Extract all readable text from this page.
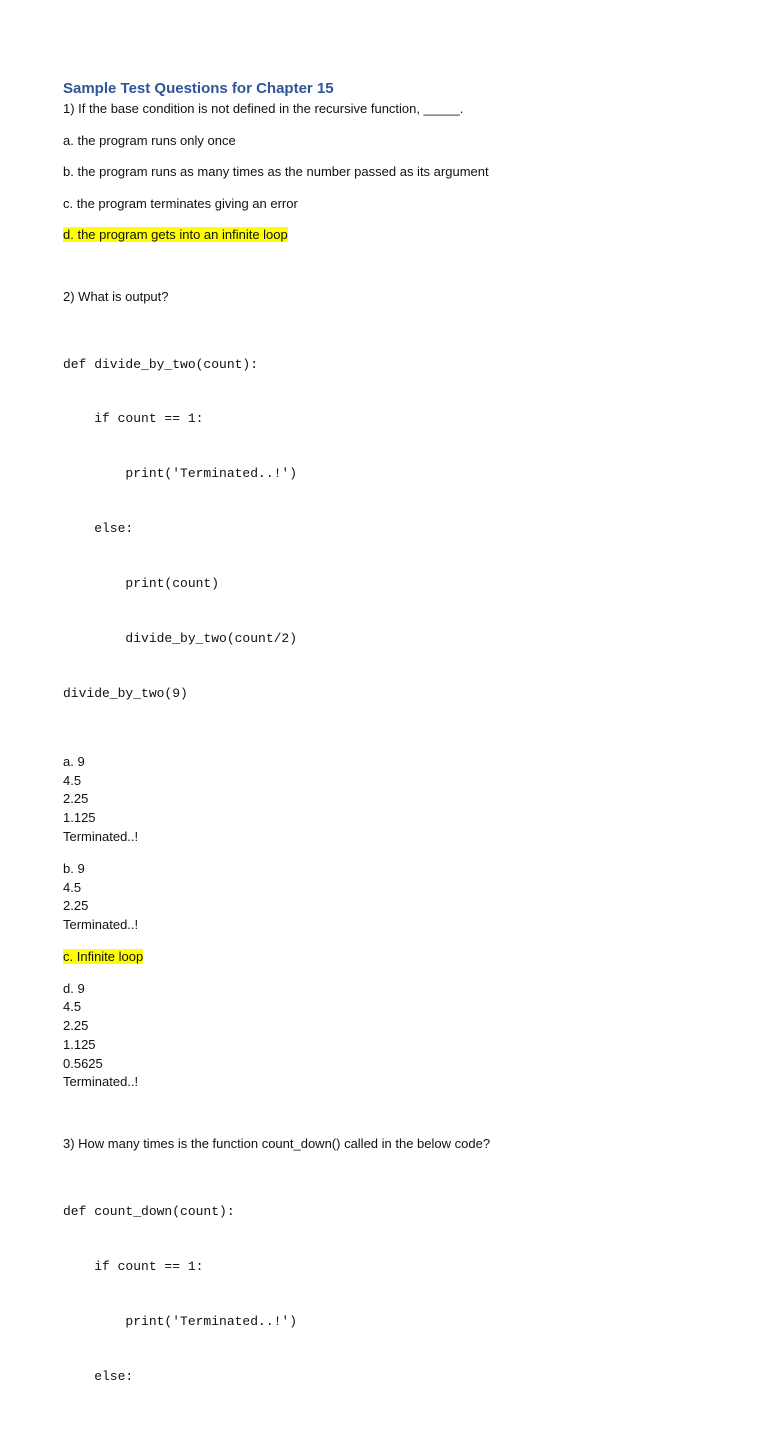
Sample Test Questions for Chapter 15
1) If the base condition is not defined in the recursive function, _____.
a. the program runs only once
b. the program runs as many times as the number passed as its argument
c. the program terminates giving an error
d. the program gets into an infinite loop
2) What is output?

def divide_by_two(count):

if count == 1:

print('Terminated..!')

else:

print(count)

divide_by_two(count/2)

divide_by_two(9)

a. 9
4.5
2.25
1.125
Terminated..!
b. 9
4.5
2.25
Terminated..!
c. Infinite loop
d. 9
4.5
2.25
1.125
0.5625
Terminated..!
3) How many times is the function count_down() called in the below code?

def count_down(count):

if count == 1:

print('Terminated..!')

else:
